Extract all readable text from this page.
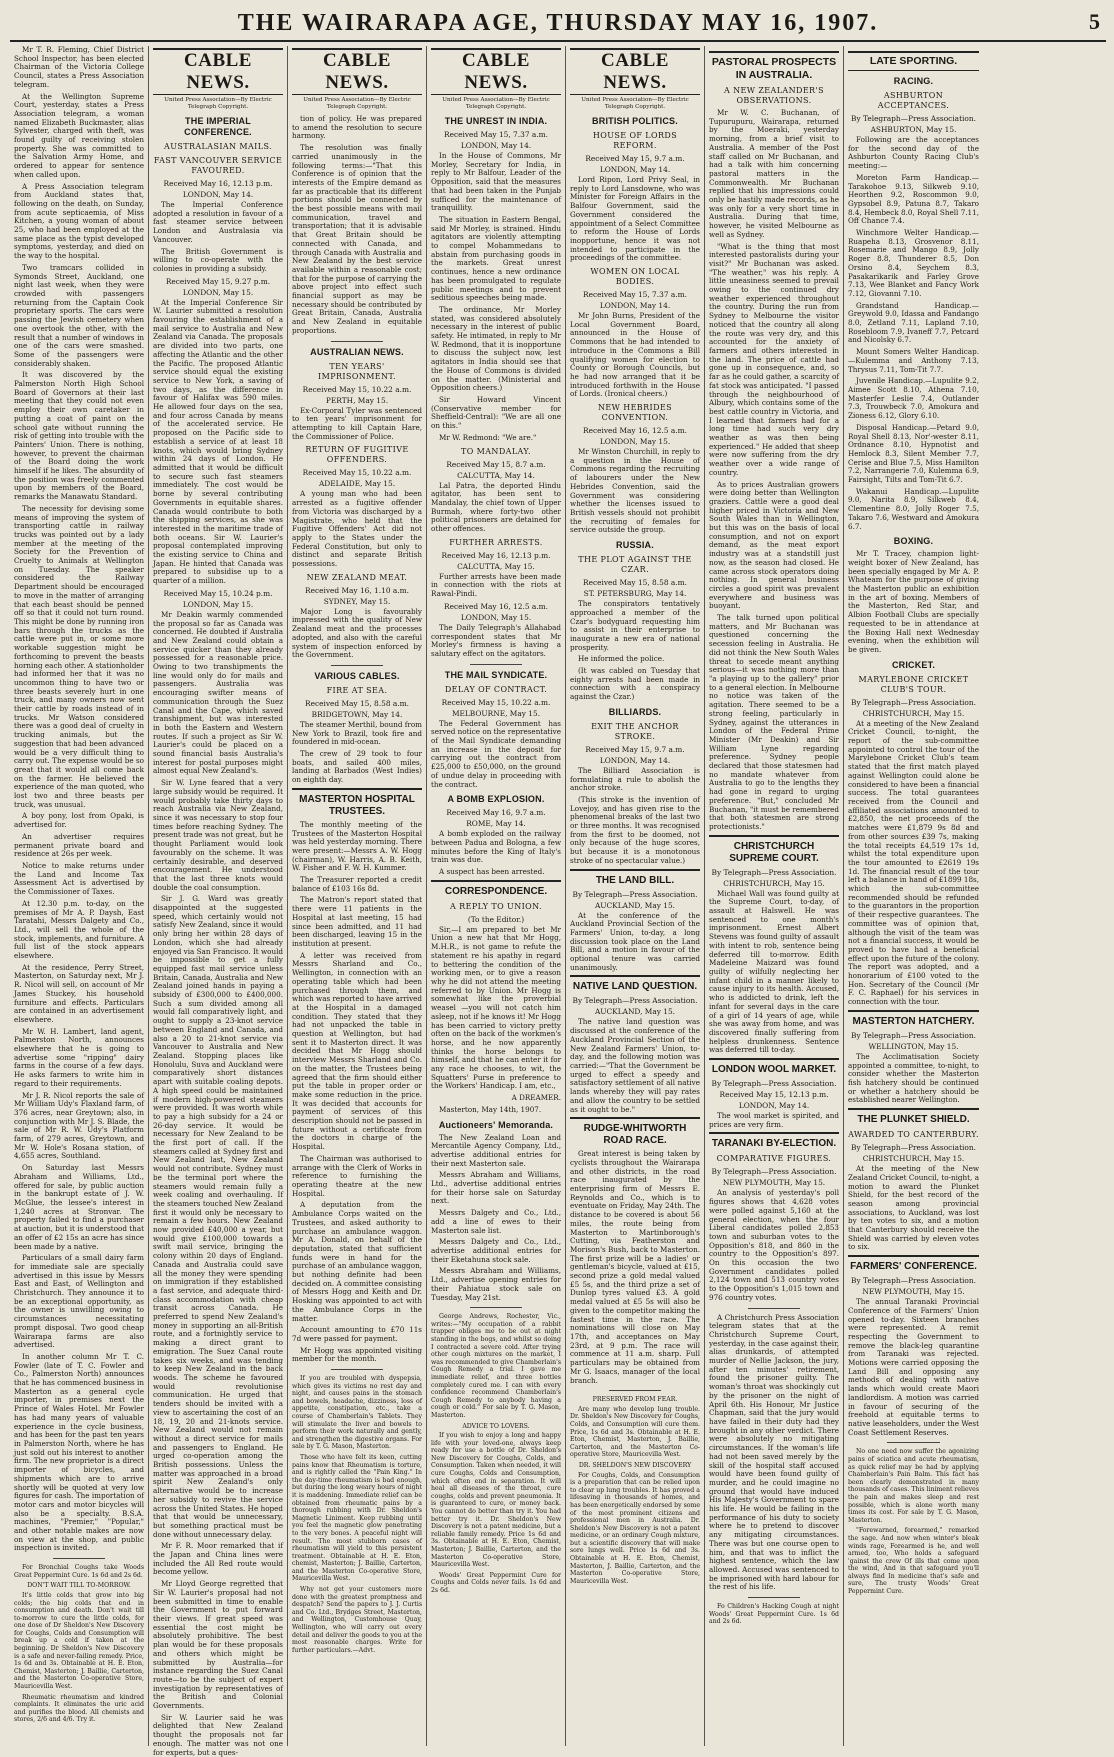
THE WAIRARAPA AGE, THURSDAY MAY 16, 1907.	5

Mr T. R. Fleming, Chief District School Inspector, has been elected Chairman of the Victoria College Council, states a Press Association telegram.

At the Wellington Supreme Court, yesterday, states a Press Association telegram, a woman named Elizabeth Buckmaster, alias Sylvester, charged with theft, was found guilty of receiving stolen property. She was committed to the Salvation Army Home, and ordered to appear for sentence when called upon.

A Press Association telegram from Auckland states that, following on the death, on Sunday, from acute septicaemia, of Miss Kitchen, a young woman of about 25, who had been employed at the same place as the typist developed symptoms, yesterday, and died on the way to the hospital.

Two tramcars collided in Symonds Street, Auckland, one night last week, when they were crowded with passengers returning from the Captain Cook proprietary sports. The cars were passing the Jewish cemetery when one overtook the other, with the result that a number of windows in one of the cars were smashed. Some of the passengers were considerably shaken.

It was discovered by the Palmerston North High School Board of Governors at their last meeting that they could not even employ their own caretaker in putting a coat of paint on the school gate without running the risk of getting into trouble with the Painters' Union. There is nothing, however, to prevent the chairman of the Board doing the work himself if he likes. The absurdity of the position was freely commented upon by members of the Board, remarks the Manawatu Standard.

The necessity for devising some means of improving the system of transporting cattle in railway trucks was pointed out by a lady member at the meeting of the Society for the Prevention of Cruelty to Animals at Wellington on Tuesday. The speaker considered the Railway Department should be encouraged to move in the matter of arranging that each beast should be penned off so that it could not turn round. This might be done by running iron bars through the trucks as the cattle were put in, or some more workable suggestion might be forthcoming to prevent the beasts horning each other. A stationholder had informed her that it was no uncommon thing to have two or three beasts severely hurt in one truck, and many owners now sent their cattle by roads instead of in trucks. Mr Watson considered there was a good deal of cruelty in trucking animals, but the suggestion that had been advanced would be a very difficult thing to carry out. The expense would be so great that it would all come back on the farmer. He believed the experience of the man quoted, who lost two and three beasts per truck, was unusual.

A boy pony, lost from Opaki, is advertised for.

An advertiser requires permanent private board and residence at 26s per week.

Notice to make returns under the Land and Income Tax Assessment Act is advertised by the Commissioner of Taxes.

At 12.30 p.m. to-day, on the premises of Mr A. P. Daysh, East Taratahi, Messrs Dalgety and Co., Ltd., will sell the whole of the stock, implements, and furniture. A full list of the stock appears elsewhere.

At the residence, Perry Street, Masterton, on Saturday next, Mr J. R. Nicol will sell, on account of Mr James Stuckey, his household furniture and effects. Particulars are contained in an advertisement elsewhere.

Mr W. H. Lambert, land agent, Palmerston North, announces elsewhere that he is going to advertise some "ripping" dairy farms in the course of a few days. He asks farmers to write him in regard to their requirements.

Mr J. R. Nicol reports the sale of Mr William Udy's Flaxland farm, of 376 acres, near Greytown; also, in conjunction with Mr J. S. Blade, the sale of Mr R. W. Udy's Platform farm, of 279 acres, Greytown, and Mr W. Hole's Rosana station, of 4,655 acres, Southland.

On Saturday last Messrs Abraham and Williams, Ltd., offered for sale, by public auction in the bankrupt estate of J. W. McGlue, the lessee's interest in 1,240 acres at Stronvar. The property failed to find a purchaser at auction, but it is understood that an offer of £2 15s an acre has since been made by a native.

Particulars of a small dairy farm for immediate sale are specially advertised in this issue by Messrs East and East, of Wellington and Christchurch. They announce it to be an exceptional opportunity, as the owner is unwilling owing to circumstances necessitating prompt disposal. Two good cheap Wairarapa farms are also advertised.

In another column Mr T. C. Fowler (late of T. C. Fowler and Co., Palmerston North) announces that he has commenced business in Masterton as a general cycle importer, in premises next the Prince of Wales Hotel. Mr Fowler has had many years of valuable experience in the cycle business, and has been for the past ten years in Palmerston North, where he has just sold out his interest to another firm. The new proprietor is a direct importer of bicycles, and shipments which are to arrive shortly will be quoted at very low figures for cash. The importation of motor cars and motor bicycles will also be a specialty. B.S.A. machines, "Premier," "Popular," and other notable makes are now on view at the shop, and public inspection is invited.

For Bronchial Coughs take Woods Great Peppermint Cure. 1s 6d and 2s 6d.

DON'T WAIT TILL TO-MORROW.

It's little colds that grow into big colds; the big colds that end in consumption and death. Don't wait till to-morrow to cure the little colds, for one dose of Dr Sheldon's New Discovery for Coughs, Colds and Consumption will break up a cold if taken at the beginning. Dr Sheldon's New Discovery is a safe and never-failing remedy. Price, 1s 6d and 3s. Obtainable at H. E. Eton, Chemist, Masterton; J. Baillie, Carterton, and the Masterton Co-operative Store, Mauricevilla West.

Rheumatic rheumatism and kindred complaints. It eliminates the uric acid and purifies the blood. All chemists and stores, 2/6 and 4/6. Try it.

CABLE NEWS.
United Press Association—By Electric Telegraph Copyright.
THE IMPERIAL CONFERENCE.
AUSTRALASIAN MAILS.
FAST VANCOUVER SERVICE FAVOURED.
Received May 16, 12.13 p.m.
LONDON, May 14.

The Imperial Conference adopted a resolution in favour of a fast steamer service between London and Australasia via Vancouver.

The British Government is willing to co-operate with the colonies in providing a subsidy.

Received May 15, 9.27 p.m.
LONDON, May 15.

At the Imperial Conference Sir W. Laurier submitted a resolution favouring the establishment of a mail service to Australia and New Zealand via Canada. The proposals are divided into two parts, one affecting the Atlantic and the other the Pacific. The proposed Atlantic service should equal the existing service to New York, a saving of two days, as the difference in favour of Halifax was 590 miles. He allowed four days on the sea, and four across Canada by means of the accelerated service. He proposed on the Pacific side to establish a service of at least 18 knots, which would bring Sydney within 24 days of London. He admitted that it would be difficult to secure such fast steamers immediately. The cost would be borne by several contributing Governments in equitable shares. Canada would contribute to both the shipping services, as she was interested in the maritime trade of both oceans. Sir W. Laurier's proposal contemplated improving the existing service to China and Japan. He hinted that Canada was prepared to subsidise up to a quarter of a million.

Received May 15, 10.24 p.m.
LONDON, May 15.

Mr Deakin warmly commended the proposal so far as Canada was concerned. He doubted if Australia and New Zealand could obtain a service quicker than they already possessed for a reasonable price. Owing to two transhipments the line would only do for mails and passengers. Australia was encouraging swifter means of communication through the Suez Canal and the Cape, which saved transhipment, but was interested in both the Eastern and Western routes. If such a project as Sir W. Laurier's could be placed on a sound financial basis Australia's interest for postal purposes might almost equal New Zealand's.

Sir W. Lyne feared that a very large subsidy would be required. It would probably take thirty days to reach Australia via New Zealand, since it was necessary to stop four times before reaching Sydney. The present trade was not great, but he thought Parliament would look favourably on the scheme. It was certainly desirable, and deserved encouragement. He understood that the last three knots would double the coal consumption.

Sir J. G. Ward was greatly disappointed at the suggested speed, which certainly would not satisfy New Zealand, since it would only bring her within 28 days of London, which she had already enjoyed via San Francisco. It would be impossible to get a fully equipped fast mail service unless Britain, Canada, Australia and New Zealand joined hands in paying a subsidy of £300,000 to £400,000. Such a sum divided among all would fall comparatively light, and ought to supply a 23-knot service between England and Canada, and also a 20 to 21-knot service via Vancouver to Australia and New Zealand. Stopping places like Honolulu, Suva and Auckland were comparatively short distances apart with suitable coaling depots. A high speed could be maintained if modern high-powered steamers were provided. It was worth while to pay a high subsidy for a 24 or 26-day service. It would be necessary for New Zealand to be the first port of call. If the steamers called at Sydney first and New Zealand last, New Zealand would not contribute. Sydney must be the terminal port where the steamers would remain fully a week coaling and overhauling. If the steamers touched New Zealand first it would only be necessary to remain a few hours. New Zealand now provided £40,000 a year, but would give £100,000 towards a swift mail service, bringing the colony within 20 days of England. Canada and Australia could save all the money they were spending on immigration if they established a fast service, and adequate third-class accommodation with cheap transit across Canada. He preferred to spend New Zealand's money in supporting an all-British route, and a fortnightly service to making a direct grant to emigration. The Suez Canal route takes six weeks, and was tending to keep New Zealand in the back woods. The scheme he favoured would revolutionise communication. He urged that tenders should be invited with a view to ascertaining the cost of an 18, 19, 20 and 21-knots service. New Zealand would not remain without a direct service for mails and passengers to England. He urged co-operation among the British possessions. Unless the matter was approached in a broad spirit New Zealand's only alternative would be to increase her subsidy to revive the service across the United States. He hoped that that would be unnecessary, but something practical must be done without unnecessary delay.

Mr F. R. Moor remarked that if the Japan and China lines were included the All Red route would become yellow.

Mr Lloyd George regretted that Sir W. Laurier's proposal had not been submitted in time to enable the Government to put forward their views. If great speed was essential the cost might be absolutely prohibitive. The best plan would be for these proposals and others which might be submitted by Australia—for instance regarding the Suez Canal route—to be the subject of expert investigation by representatives of the British and Colonial Governments.

Sir W. Laurier said he was delighted that New Zealand thought the proposals not far enough. The matter was not one for experts, but a ques-

CABLE NEWS.
United Press Association—By Electric Telegraph Copyright.

tion of policy. He was prepared to amend the resolution to secure harmony.

The resolution was finally carried unanimously in the following terms:—"That this Conference is of opinion that the interests of the Empire demand as far as practicable that its different portions should be connected by the best possible means with mail communication, travel and transportation; that it is advisable that Great Britain should be connected with Canada, and through Canada with Australia and New Zealand by the best service available within a reasonable cost; that for the purpose of carrying the above project into effect such financial support as may be necessary should be contributed by Great Britain, Canada, Australia and New Zealand in equitable proportions.

AUSTRALIAN NEWS.
TEN YEARS' IMPRISONMENT.
Received May 15, 10.22 a.m.
PERTH, May 15.

Ex-Corporal Tyler was sentenced to ten years' imprisonment for attempting to kill Captain Hare, the Commissioner of Police.

RETURN OF FUGITIVE OFFENDERS.
Received May 15, 10.22 a.m.
ADELAIDE, May 15.

A young man who had been arrested as a fugitive offender from Victoria was discharged by a Magistrate, who held that the Fugitive Offenders' Act did not apply to the States under the Federal Constitution, but only to distinct and separate British possessions.

NEW ZEALAND MEAT.
Received May 16, 1.10 a.m.
SYDNEY, May 15.

Major Long is favourably impressed with the quality of New Zealand meat and the processes adopted, and also with the careful system of inspection enforced by the Government.

VARIOUS CABLES.
FIRE AT SEA.
Received May 15, 8.58 a.m.
BRIDGETOWN, May 14.

The steamer Merthil, bound from New York to Brazil, took fire and foundered in mid-ocean.

The crew of 29 took to four boats, and sailed 400 miles, landing at Barbados (West Indies) on eighth day.

MASTERTON HOSPITAL TRUSTEES.

The monthly meeting of the Trustees of the Masterton Hospital was held yesterday morning. There were present:—Messrs A. W. Hogg (chairman), W. Harris, A. B. Keith, W. Fisher and F. W. H. Kummer.

The Treasurer reported a credit balance of £103 16s 8d.

The Matron's report stated that there were 11 patients in the Hospital at last meeting, 15 had since been admitted, and 11 had been discharged, leaving 15 in the institution at present.

A letter was received from Messrs Sharland and Co., Wellington, in connection with an operating table which had been purchased through them, and which was reported to have arrived at the Hospital in a damaged condition. They stated that they had not unpacked the table in question at Wellington, but had sent it to Masterton direct. It was decided that Mr Hogg should interview Messrs Sharland and Co. on the matter, the Trustees being agreed that the firm should either put the table in proper order or make some reduction in the price. It was decided that accounts for payment of services of this description should not be passed in future without a certificate from the doctors in charge of the Hospital.

The Chairman was authorised to arrange with the Clerk of Works in reference to furnishing the operating theatre at the new Hospital.

A deputation from the Ambulance Corps waited on the Trustees, and asked authority to purchase an ambulance waggon. Mr A. Donald, on behalf of the deputation, stated that sufficient funds were in hand for the purchase of an ambulance waggon, but nothing definite had been decided on. A committee consisting of Messrs Hogg and Keith and Dr. Hosking was appointed to act with the Ambulance Corps in the matter.

Account amounting to £70 11s 7d were passed for payment.

Mr Hogg was appointed visiting member for the month.

If you are troubled with dyspepsia, which gives its victims no rest day and night, and causes pains in the stomach and bowels, headache, dizziness, loss of appetite, constipation, etc., take a course of Chamberlain's Tablets. They will stimulate the liver and bowels to perform their work naturally and gently, and strengthen the digestive organs. For sale by T. G. Mason, Masterton.

Those who have felt its keen, cutting pains know that Rheumatism is torture, and is rightly called the "Pain King." In the day-time rheumatism is bad enough, but during the long weary hours of night it is maddening. Immediate relief can be obtained from rheumatic pains by a thorough rubbing with Dr. Sheldon's Magnetic Liniment. Keep rubbing until you feel the magnetic glow penetrating to the very bones. A peaceful night will result. The most stubborn cases of rheumatism will yield to this persistent treatment. Obtainable at H. E. Eton, chemist, Masterton; J. Baillie, Carterton, and the Masterton Co-operative Store, Mauricevilla West.

Why not get your customers more done with the greatest promptness and despatch? Send the papers to J. J. Curtis and Co. Ltd., Brydges Street, Masterton, and Wellington, Customhouse Quay, Wellington, who will carry out every detail and deliver the goods to you at the most reasonable charges. Write for further particulars.—Advt.

CABLE NEWS.
United Press Association—By Electric Telegraph Copyright.
THE UNREST IN INDIA.
Received May 15, 7.37 a.m.
LONDON, May 14.

In the House of Commons, Mr Morley, Secretary for India, in reply to Mr Balfour, Leader of the Opposition, said that the measures that had been taken in the Punjab sufficed for the maintenance of tranquillity.

The situation in Eastern Bengal, said Mr Morley, is strained. Hindu agitators are violently attempting to compel Mohammedans to abstain from purchasing goods in the markets. Great unrest continues, hence a new ordinance has been promulgated to regulate public meetings and to prevent seditious speeches being made.

The ordinance, Mr Morley stated, was considered absolutely necessary in the interest of public safety. He intimated, in reply to Mr W. Redmond, that it is inopportune to discuss the subject now, lest agitators in India should see that the House of Commons is divided on the matter. (Ministerial and Opposition cheers.)

Sir Howard Vincent (Conservative member for Sheffield-Central): "We are all one on this."

Mr W. Redmond: "We are."

TO MANDALAY.
Received May 15, 8.7 a.m.
CALCUTTA, May 14.

Lal Patra, the deported Hindu agitator, has been sent to Mandalay, the chief town of Upper Burmah, where forty-two other political prisoners are detained for other offences.

FURTHER ARRESTS.
Received May 16, 12.13 p.m.
CALCUTTA, May 15.

Further arrests have been made in connection with the riots at Rawal-Pindi.

Received May 16, 12.5 a.m.
LONDON, May 15.

The Daily Telegraph's Allahabad correspondent states that Mr Morley's firmness is having a salutary effect on the agitators.

THE MAIL SYNDICATE.
DELAY OF CONTRACT.
Received May 15, 10.22 a.m.
MELBOURNE, May 15.

The Federal Government has served notice on the representative of the Mail Syndicate demanding an increase in the deposit for carrying out the contract from £25,000 to £50,000, on the ground of undue delay in proceeding with the contract.

A BOMB EXPLOSION.
Received May 16, 9.7 a.m.
ROME, May 14.

A bomb exploded on the railway between Padua and Bologna, a few minutes before the King of Italy's train was due.

A suspect has been arrested.

CORRESPONDENCE.
A REPLY TO UNION.
(To the Editor.)

Sir,—I am prepared to bet Mr Union a new hat that Mr Hogg, M.H.R., is not game to refute the statement re his apathy in regard to bettering the condition of the working men, or to give a reason why he did not attend the meeting referred to by Union. Mr Hogg is somewhat like the proverbial weasel —you will not catch him asleep, not if he knows it! Mr Hogg has been carried to victory pretty often on the back of the workmen's horse, and he now apparently thinks the horse belongs to himself, and that he can enter it for any race he chooses, to wit, the Squatters' Purse in preference to the Workers' Handicap. I am, etc.,

A DREAMER.

Masterton, May 14th, 1907.

Auctioneers' Memoranda.

The New Zealand Loan and Mercantile Agency Company, Ltd., advertise additional entries for their next Masterton sale.

Messrs Abraham and Williams, Ltd., advertise additional entries for their horse sale on Saturday next.

Messrs Dalgety and Co., Ltd., add a line of ewes to their Masterton sale list.

Messrs Dalgety and Co., Ltd., advertise additional entries for their Eketahuna stock sale.

Messrs Abraham and Williams, Ltd., advertise opening entries for their Pahiatua stock sale on Tuesday, May 21st.

George Andrews, Rochester, Vic., writes:—"My occupation of a rabbit trapper obliges me to be out at night standing in the bogs, and whilst so doing I contracted a severe cold. After trying other cough mixtures on the market, I was recommended to give Chamberlain's Cough Remedy a trial. I gave me immediate relief, and three bottles completely cured me. I can with every confidence recommend Chamberlain's Cough Remedy to anybody having a cough or cold." For sale by T. G. Mason, Masterton.

ADVICE TO LOVERS.

If you wish to enjoy a long and happy life with your loved-one, always keep ready for use a bottle of Dr. Sheldon's New Discovery for Coughs, Colds, and Consumption. Taken when needed, it will cure Coughs, Colds and Consumption, which often end in separation. It will heal all diseases of the throat, cure coughs, colds and prevent pneumonia. It is guaranteed to cure, or money back. You cannot do better than try it. You had better try it. Dr. Sheldon's New Discovery is not a patent medicine, but a reliable family remedy. Price 1s 6d and 3s. Obtainable at H. E. Eton, Chemist, Masterton; J. Baillie, Carterton, and the Masterton Co-operative Store, Mauricevilla West.

Woods' Great Peppermint Cure for Coughs and Colds never fails. 1s 6d and 2s 6d.

CABLE NEWS.
United Press Association—By Electric Telegraph Copyright.
BRITISH POLITICS.
HOUSE OF LORDS REFORM.
Received May 15, 9.7 a.m.
LONDON, May 14.

Lord Ripon, Lord Privy Seal, in reply to Lord Lansdowne, who was Minister for Foreign Affairs in the Balfour Government, said the Government considered the appointment of a Select Committee to reform the House of Lords inopportune, hence it was not intended to participate in the proceedings of the committee.

WOMEN ON LOCAL BODIES.
Received May 15, 7.37 a.m.
LONDON, May 14.

Mr John Burns, President of the Local Government Board, announced in the House of Commons that he had intended to introduce in the Commons a Bill qualifying women for election to County or Borough Councils, but he had now arranged that it be introduced forthwith in the House of Lords. (Ironical cheers.)

NEW HEBRIDES CONVENTION.
Received May 16, 12.5 a.m.
LONDON, May 15.

Mr Winston Churchill, in reply to a question in the House of Commons regarding the recruiting of labourers under the New Hebrides Convention, said the Government was considering whether the licenses issued to British vessels should not prohibit the recruiting of females for service outside the group.

RUSSIA.
THE PLOT AGAINST THE CZAR.
Received May 15, 8.58 a.m.
ST. PETERSBURG, May 14.

The conspirators tentatively approached a member of the Czar's bodyguard requesting him to assist in their enterprise to inaugurate a new era of national prosperity.

He informed the police.

(It was cabled on Tuesday that eighty arrests had been made in connection with a conspiracy against the Czar.)

BILLIARDS.
EXIT THE ANCHOR STROKE.
Received May 15, 9.7 a.m.
LONDON, May 14.

The Billiard Association is formulating a rule to abolish the anchor stroke.

(This stroke is the invention of Lovejoy, and has given rise to the phenomenal breaks of the last two or three months. It was recognised from the first to be doomed, not only because of the huge scores, but because it is a monotonous stroke of no spectacular value.)

THE LAND BILL.
By Telegraph—Press Association.
AUCKLAND, May 15.

At the conference of the Auckland Provincial Section of the Farmers' Union, to-day, a long discussion took place on the Land Bill, and a motion in favour of the optional tenure was carried unanimously.

NATIVE LAND QUESTION.
By Telegraph—Press Association.
AUCKLAND, May 15.

The native land question was discussed at the conference of the Auckland Provincial Section of the New Zealand Farmers' Union, to-day, and the following motion was carried:—"That the Government be urged to effect a speedy and satisfactory settlement of all native lands whereby they will pay rates and allow the country to be settled as it ought to be."

RUDGE-WHITWORTH ROAD RACE.

Great interest is being taken by cyclists throughout the Wairarapa and other districts, in the road race inaugurated by the enterprising firm of Messrs E. Reynolds and Co., which is to eventuate on Friday, May 24th. The distance to be covered is about 56 miles, the route being from Masterton to Martinborough's Cutting, via Featherston and Morison's Bush, back to Masterton. The first prize will be a ladies' or gentleman's bicycle, valued at £15, second prize a gold medal valued £5 5s, and the third prize a set of Dunlop tyres valued £3. A gold medal valued at £5 5s will also be given to the competitor making the fastest time in the race. The nominations will close on May 17th, and acceptances on May 23rd, at 9 p.m. The race will commence at 11 a.m. sharp. Full particulars may be obtained from Mr G. Isaacs, manager of the local branch.

PRESERVED FROM FEAR.

Are many who develop lung trouble. Dr. Sheldon's New Discovery for Coughs, Colds, and Consumption will cure them. Price, 1s 6d and 3s. Obtainable at H. E. Eton, Chemist, Masterton, J. Baillie, Carterton, and the Masterton Co-operative Store, Mauricevilla West.

DR. SHELDON'S NEW DISCOVERY

For Coughs, Colds, and Consumption is a preparation that can be relied upon to clear up lung troubles. It has proved a lifesaving in thousands of homes, and has been energetically endorsed by some of the most prominent citizens and professional men in Australia. Dr. Sheldon's New Discovery is not a patent medicine, or an ordinary Cough mixture, but a scientific discovery that will make sore lungs well. Price 1s 6d and 3s. Obtainable at H. E. Eton, Chemist, Masterton, J. Baillie, Carterton, and the Masterton Co-operative Store, Mauricevilla West.

PASTORAL PROSPECTS IN AUSTRALIA.
A NEW ZEALANDER'S OBSERVATIONS.

Mr W. C. Buchanan, of Tupurupuru, Wairarapa, returned by the Moeraki, yesterday morning, from a brief visit to Australia. A member of the Post staff called on Mr Buchanan, and had a talk with him concerning pastoral matters in the Commonwealth. Mr Buchanan replied that his impressions could only be hastily made records, as he was only for a very short time in Australia. During that time, however, he visited Melbourne as well as Sydney.

"What is the thing that most interested pastoralists during your visit?" Mr Buchanan was asked. "The weather," was his reply. A little uneasiness seemed to prevail owing to the continued dry weather experienced throughout the country. During the run from Sydney to Melbourne the visitor noticed that the country all along the route was very dry, and this accounted for the anxiety of farmers and others interested in the land. The price of cattle had gone up in consequence, and, so far as he could gather, a scarcity of fat stock was anticipated. "I passed through the neighbourhood of Albury, which contains some of the best cattle country in Victoria, and I learned that farmers had for a long time had such very dry weather as was then being experienced." He added that sheep were now suffering from the dry weather over a wide range of country.

As to prices Australian growers were doing better than Wellington graziers. Cattle were a good deal higher priced in Victoria and New South Wales than in Wellington, but this was on the basis of local consumption, and not on export demand, as the meat export industry was at a standstill just now, as the season had closed. He came across stock operators doing nothing. In general business circles a good spirit was prevalent everywhere and business was buoyant.

The talk turned upon political matters, and Mr Buchanan was questioned concerning the secession feeling in Australia. He did not think the New South Wales threat to secede meant anything serious—it was nothing more than "a playing up to the gallery" prior to a general election. In Melbourne no notice was taken of the agitation. There seemed to be a strong feeling, particularly in Sydney, against the utterances in London of the Federal Prime Minister (Mr Deakin) and Sir William Lyne regarding preference. Sydney people declared that those statesmen had no mandate whatever from Australia to go to the lengths they had gone in regard to urging preference. "But," concluded Mr Buchanan, "it must be remembered that both statesmen are strong protectionists."

CHRISTCHURCH SUPREME COURT.
By Telegraph—Press Association.
CHRISTCHURCH, May 15.

Michael Wall was found guilty at the Supreme Court, to-day, of assault at Halswell. He was sentenced to one month's imprisonment. Ernest Albert Stevens was found guilty of assault with intent to rob, sentence being deferred till to-morrow. Edith Madeleine Maizard was found guilty of wilfully neglecting her infant child in a manner likely to cause injury to its health. Accused, who is addicted to drink, left the infant for several days in the care of a girl of 14 years of age, while she was away from home, and was discovered finally suffering from helpless drunkenness. Sentence was deferred till to-day.

LONDON WOOL MARKET.
By Telegraph—Press Association.
Received May 15, 12.13 p.m.
LONDON, May 14.

The wool market is spirited, and prices are very firm.

TARANAKI BY-ELECTION.
COMPARATIVE FIGURES.
By Telegraph—Press Association.
NEW PLYMOUTH, May 15.

An analysis of yesterday's poll figures shows that 4,628 votes were polled against 5,160 at the general election, when the four Liberal candidates polled 2,853 town and suburban votes to the Opposition's 818, and 860 in the country to the Opposition's 897. On this occasion the two Government candidates polled 2,124 town and 513 country votes to the Opposition's 1,015 town and 976 country votes.

A Christchurch Press Association telegram states that at the Christchurch Supreme Court, yesterday, in the case against their, alias drunkards, of attempted murder of Nellie Jackson, the jury, after ten minutes' retirement, found the prisoner guilty. The woman's throat was shockingly cut by the prisoner on the night of April 6th. His Honour, Mr Justice Chapman, said that the jury would have failed in their duty had they brought in any other verdict. There were absolutely no mitigating circumstances. If the woman's life had not been saved merely by the skill of the hospital staff accused would have been found guilty of murder, and he could imagine no ground that would have induced His Majesty's Government to spare his life. He would be failing in the performance of his duty to society where he to pretend to discover any mitigating circumstances. There was but one course open to him, and that was to inflict the highest sentence, which the law allowed. Accused was sentenced to be imprisoned with hard labour for the rest of his life.

Fo Children's Hacking Cough at night Woods' Great Peppermint Cure. 1s 6d and 2s 6d.

LATE SPORTING.
RACING.
ASHBURTON ACCEPTANCES.
By Telegraph—Press Association.
ASHBURTON, May 15.

Following are the acceptances for the second day of the Ashburton County Racing Club's meeting:—

Moreton Farm Handicap.—Tarakohoe 9.13, Silkweb 9.10, Heorthen 9.2, Roscommon 9.0, Gypsobel 8.9, Patuna 8.7, Takaro 8.4, Hembeck 8.0, Royal Shell 7.11, Off Chance 7.4.

Winchmore Welter Handicap.—Ruapeha 8.13, Grosvenor 8.11, Rosemarie and Mango 8.9, Jolly Roger 8.8, Thunderer 8.5, Don Orsino 8.4, Seychem 8.3, Pasakarikarik and Farley Grove 7.13, Wee Blanket and Fancy Work 7.12, Giovanni 7.10.

Grandstand Handicap.—Greywold 9.0, Idassa and Fandango 8.0, Zetland 7.11, Lapland 7.10, Rosebloom 7.9, Ivaneff 7.7, Petcard and Nicolsky 6.7.

Mount Somers Welter Handicap.—Kulemma and Anthony 7.13, Thrysus 7.11, Tom-Tit 7.7.

Juvenile Handicap.—Lupulite 9.2, Aimee Scott 8.10, Athena 7.10, Masterfer Leslie 7.4, Outlander 7.3, Trouwbeck 7.0, Amokura and Zioness 6.12, Glory 6.10.

Disposal Handicap.—Petard 9.0, Royal Shell 8.13, Nor'-wester 8.11, Ordnance 8.10, Hypnotist and Hemlock 8.3, Silent Member 7.7, Cerise and Blue 7.5, Miss Hamilton 7.2, Narrangerie 7.0, Kulemma 6.9, Fairsight, Tilts and Tom-Tit 6.7.

Wakanui Handicap.—Lupulite 9.0, Narita 8.9, Silkweb 8.4, Clementine 8.0, Jolly Roger 7.5, Takaro 7.6, Westward and Amokura 6.7.

BOXING.

Mr T. Tracey, champion light-weight boxer of New Zealand, has been specially engaged by Mr A. P. Whateam for the purpose of giving the Masterton public an exhibition in the art of boxing. Members of the Masterton, Red Star, and Albion Football Clubs are specially requested to be in attendance at the Boxing Hall next Wednesday evening, when the exhibition will be given.

CRICKET.
MARYLEBONE CRICKET CLUB'S TOUR.
By Telegraph—Press Association.
CHRISTCHURCH, May 15.

At a meeting of the New Zealand Cricket Council, to-night, the report of the sub-committee appointed to control the tour of the Marylebone Cricket Club's team stated that the first match played against Wellington could alone be considered to have been a financial success. The total guarantees received from the Council and affiliated associations amounted to £2,850, the net proceeds of the matches were £1,879 9s 8d and from other sources £39 7s, making the total receipts £4,519 17s 1d, whilst the total expenditure upon the tour amounted to £2619 19s 1d. The financial result of the tour left a balance in hand of £1899 18s, which the sub-committee recommended should be refunded to the guarantors in the proportion of their respective guarantees. The committee was of opinion that, although the visit of the team was not a financial success, it would be proved to have had a beneficial effect upon the future of the colony. The report was adopted, and a honorarium of £100 voted to the Hon. Secretary of the Council (Mr F. C. Raphael) for his services in connection with the tour.

MASTERTON HATCHERY.
By Telegraph—Press Association.
WELLINGTON, May 15.

The Acclimatisation Society appointed a committee, to-night, to consider whether the Masterton fish hatchery should be continued or whether a hatchery should be established nearer Wellington.

THE PLUNKET SHIELD.
AWARDED TO CANTERBURY.
By Telegraph—Press Association.
CHRISTCHURCH, May 15.

At the meeting of the New Zealand Cricket Council, to-night, a motion to award the Plunket Shield, for the best record of the season among provincial associations, to Auckland, was lost by ten votes to six, and a motion that Canterbury should receive the Shield was carried by eleven votes to six.

FARMERS' CONFERENCE.
By Telegraph—Press Association.
NEW PLYMOUTH, May 15.

The annual Taranaki Provincial Conference of the Farmers' Union opened to-day. Sixteen branches were represented. A remit respecting the Government to remove the black-leg quarantine from Taranaki was rejected. Motions were carried opposing the Land Bill and opposing any methods of dealing with native lands which would create Maori landlordism. A motion was carried in favour of securing of the freehold at equitable terms to native leaseholders, under the West Coast Settlement Reserves.

No one need now suffer the agonizing pains of sciatica and acute rheumatism, as quick relief may be had by applying Chamberlain's Pain Balm. This fact has been clearly demonstrated in many thousands of cases. This liniment relieves the pain and makes sleep and rest possible, which is alone worth many times its cost. For sale by T. G. Mason, Masterton.

"Forewarned, forearmed," remarked the sage. And now when winter's bleak winds rage, Forearmed is he, and well armed, too, Who holds a safeguard 'gainst the crew Of ills that come upon the wind, And in that safeguard you'll always find In medicine that's safe and sure, The trusty Woods' Great Peppermint Cure.
